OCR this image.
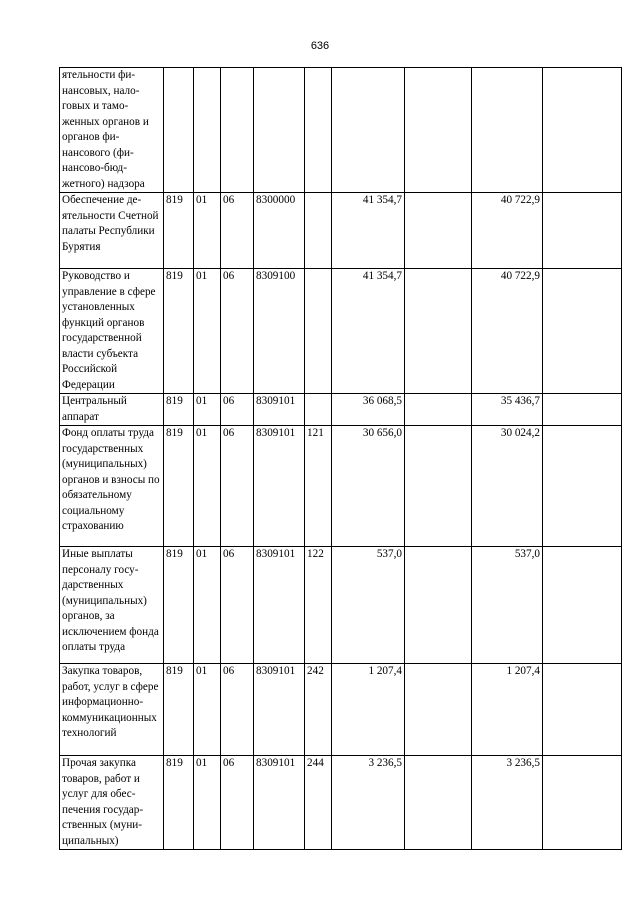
636
ятельности финансовых, налоговых и таможенных органов и органов финансового (финансово-бюджетного) надзора									
Обеспечение деятельности Счетной палаты Республики Бурятия	819	01	06	8300000		41 354,7		40 722,9	
Руководство и управление в сфере установленных функций органов государственной власти субъекта Российской Федерации	819	01	06	8309100		41 354,7		40 722,9	
Центральный аппарат	819	01	06	8309101		36 068,5		35 436,7	
Фонд оплаты труда государственных (муниципальных) органов и взносы по обязательному социальному страхованию	819	01	06	8309101	121	30 656,0		30 024,2	
Иные выплаты персоналу государственных (муниципальных) органов, за исключением фонда оплаты труда	819	01	06	8309101	122	537,0		537,0	
Закупка товаров, работ, услуг в сфере информационно-коммуникационных технологий	819	01	06	8309101	242	1 207,4		1 207,4	
Прочая закупка товаров, работ и услуг для обеспечения государственных (муниципальных)	819	01	06	8309101	244	3 236,5		3 236,5	
